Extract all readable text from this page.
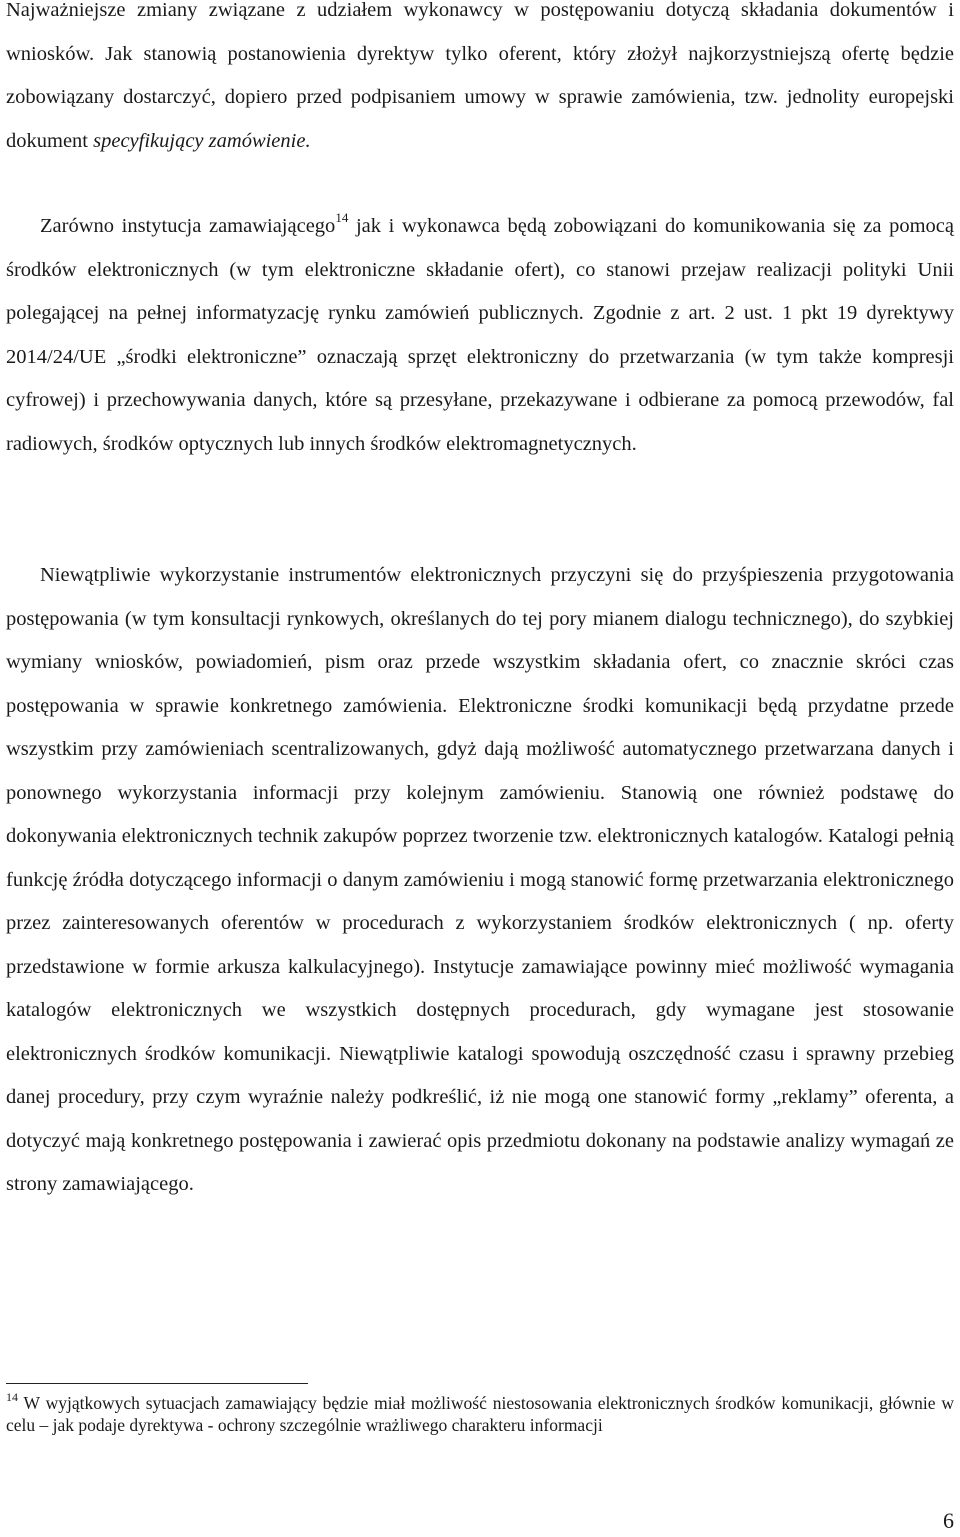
Najważniejsze zmiany związane z udziałem wykonawcy w postępowaniu dotyczą składania dokumentów i wniosków. Jak stanowią postanowienia dyrektyw tylko oferent, który złożył najkorzystniejszą ofertę będzie zobowiązany dostarczyć, dopiero przed podpisaniem umowy w sprawie zamówienia, tzw. jednolity europejski dokument specyfikujący zamówienie.

Zarówno instytucja zamawiającego$^{14}$ jak i wykonawca będą zobowiązani do komunikowania się za pomocą środków elektronicznych (w tym elektroniczne składanie ofert), co stanowi przejaw realizacji polityki Unii polegającej na pełnej informatyzację rynku zamówień publicznych. Zgodnie z art. 2 ust. 1 pkt 19 dyrektywy 2014/24/UE „środki elektroniczne” oznaczają sprzęt elektroniczny do przetwarzania (w tym także kompresji cyfrowej) i przechowywania danych, które są przesyłane, przekazywane i odbierane za pomocą przewodów, fal radiowych, środków optycznych lub innych środków elektromagnetycznych.

Niewątpliwie wykorzystanie instrumentów elektronicznych przyczyni się do przyśpieszenia przygotowania postępowania (w tym konsultacji rynkowych, określanych do tej pory mianem dialogu technicznego), do szybkiej wymiany wniosków, powiadomień, pism oraz przede wszystkim składania ofert, co znacznie skróci czas postępowania w sprawie konkretnego zamówienia. Elektroniczne środki komunikacji będą przydatne przede wszystkim przy zamówieniach scentralizowanych, gdyż dają możliwość automatycznego przetwarzana danych i ponownego wykorzystania informacji przy kolejnym zamówieniu. Stanowią one również podstawę do dokonywania elektronicznych technik zakupów poprzez tworzenie tzw. elektronicznych katalogów. Katalogi pełnią funkcję źródła dotyczącego informacji o danym zamówieniu i mogą stanowić formę przetwarzania elektronicznego przez zainteresowanych oferentów w procedurach z wykorzystaniem środków elektronicznych ( np. oferty przedstawione w formie arkusza kalkulacyjnego). Instytucje zamawiające powinny mieć możliwość wymagania katalogów elektronicznych we wszystkich dostępnych procedurach, gdy wymagane jest stosowanie elektronicznych środków komunikacji. Niewątpliwie katalogi spowodują oszczędność czasu i sprawny przebieg danej procedury, przy czym wyraźnie należy podkreślić, iż nie mogą one stanowić formy „reklamy” oferenta, a dotyczyć mają konkretnego postępowania i zawierać opis przedmiotu dokonany na podstawie analizy wymagań ze strony zamawiającego.

$^{14}$ W wyjątkowych sytuacjach zamawiający będzie miał możliwość niestosowania elektronicznych środków komunikacji, głównie w celu – jak podaje dyrektywa - ochrony szczególnie wrażliwego charakteru informacji

6
